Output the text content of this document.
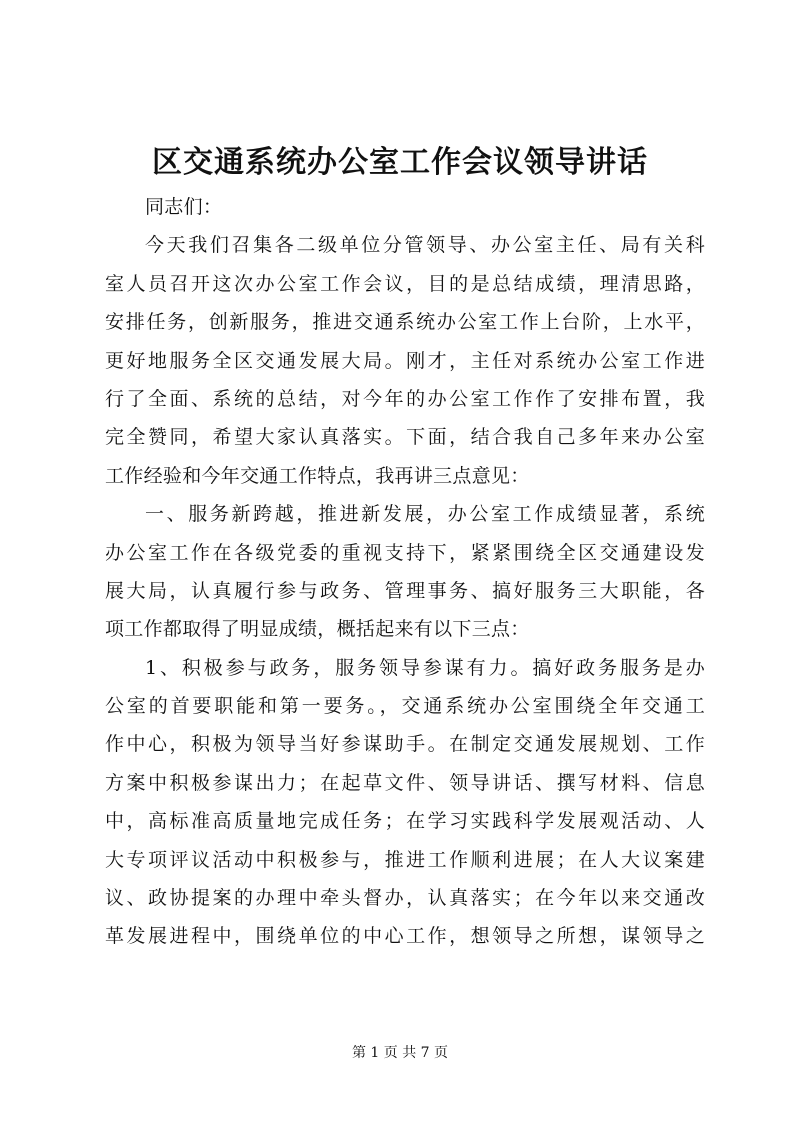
区交通系统办公室工作会议领导讲话
同志们：
今天我们召集各二级单位分管领导、办公室主任、局有关科
室人员召开这次办公室工作会议，目的是总结成绩，理清思路，
安排任务，创新服务，推进交通系统办公室工作上台阶，上水平，
更好地服务全区交通发展大局。刚才，主任对系统办公室工作进
行了全面、系统的总结，对今年的办公室工作作了安排布置，我
完全赞同，希望大家认真落实。下面，结合我自己多年来办公室
工作经验和今年交通工作特点，我再讲三点意见：
一、服务新跨越，推进新发展，办公室工作成绩显著，系统
办公室工作在各级党委的重视支持下，紧紧围绕全区交通建设发
展大局，认真履行参与政务、管理事务、搞好服务三大职能，各
项工作都取得了明显成绩，概括起来有以下三点：
1、积极参与政务，服务领导参谋有力。搞好政务服务是办
公室的首要职能和第一要务。，交通系统办公室围绕全年交通工
作中心，积极为领导当好参谋助手。在制定交通发展规划、工作
方案中积极参谋出力；在起草文件、领导讲话、撰写材料、信息
中，高标准高质量地完成任务；在学习实践科学发展观活动、人
大专项评议活动中积极参与，推进工作顺利进展；在人大议案建
议、政协提案的办理中牵头督办，认真落实；在今年以来交通改
革发展进程中，围绕单位的中心工作，想领导之所想，谋领导之
第 1 页 共 7 页
